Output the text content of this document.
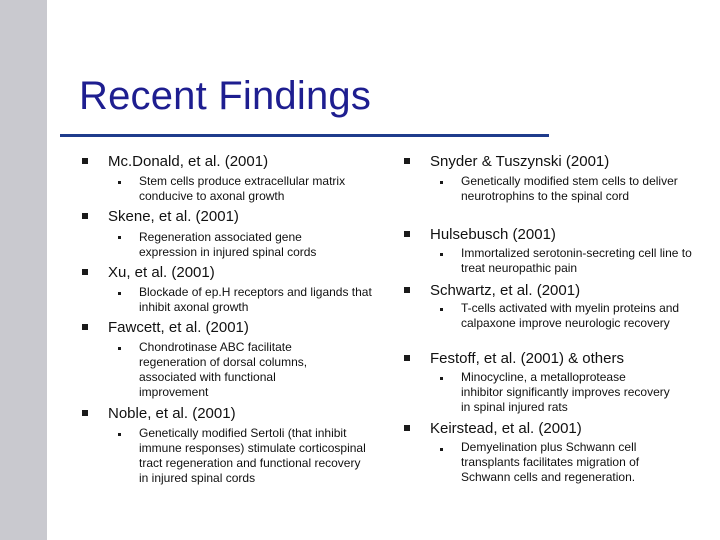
Recent Findings
Mc.Donald, et al. (2001)
Stem cells produce extracellular matrix conducive to axonal growth
Skene, et al. (2001)
Regeneration associated gene expression in injured spinal cords
Xu, et al. (2001)
Blockade of ep.H receptors and ligands that inhibit axonal growth
Fawcett, et al. (2001)
Chondrotinase ABC facilitate regeneration of dorsal columns, associated with functional improvement
Noble, et al. (2001)
Genetically modified Sertoli (that inhibit immune responses) stimulate corticospinal tract regeneration and functional recovery in injured spinal cords
Snyder & Tuszynski (2001)
Genetically modified stem cells to deliver neurotrophins to the spinal cord
Hulsebusch (2001)
Immortalized serotonin-secreting cell line to treat neuropathic pain
Schwartz, et al. (2001)
T-cells activated with myelin proteins and calpaxone improve neurologic recovery
Festoff, et al. (2001) & others
Minocycline, a metalloprotease inhibitor significantly improves recovery in spinal injured rats
Keirstead, et al. (2001)
Demyelination plus Schwann cell transplants facilitates migration of Schwann cells and regeneration.
